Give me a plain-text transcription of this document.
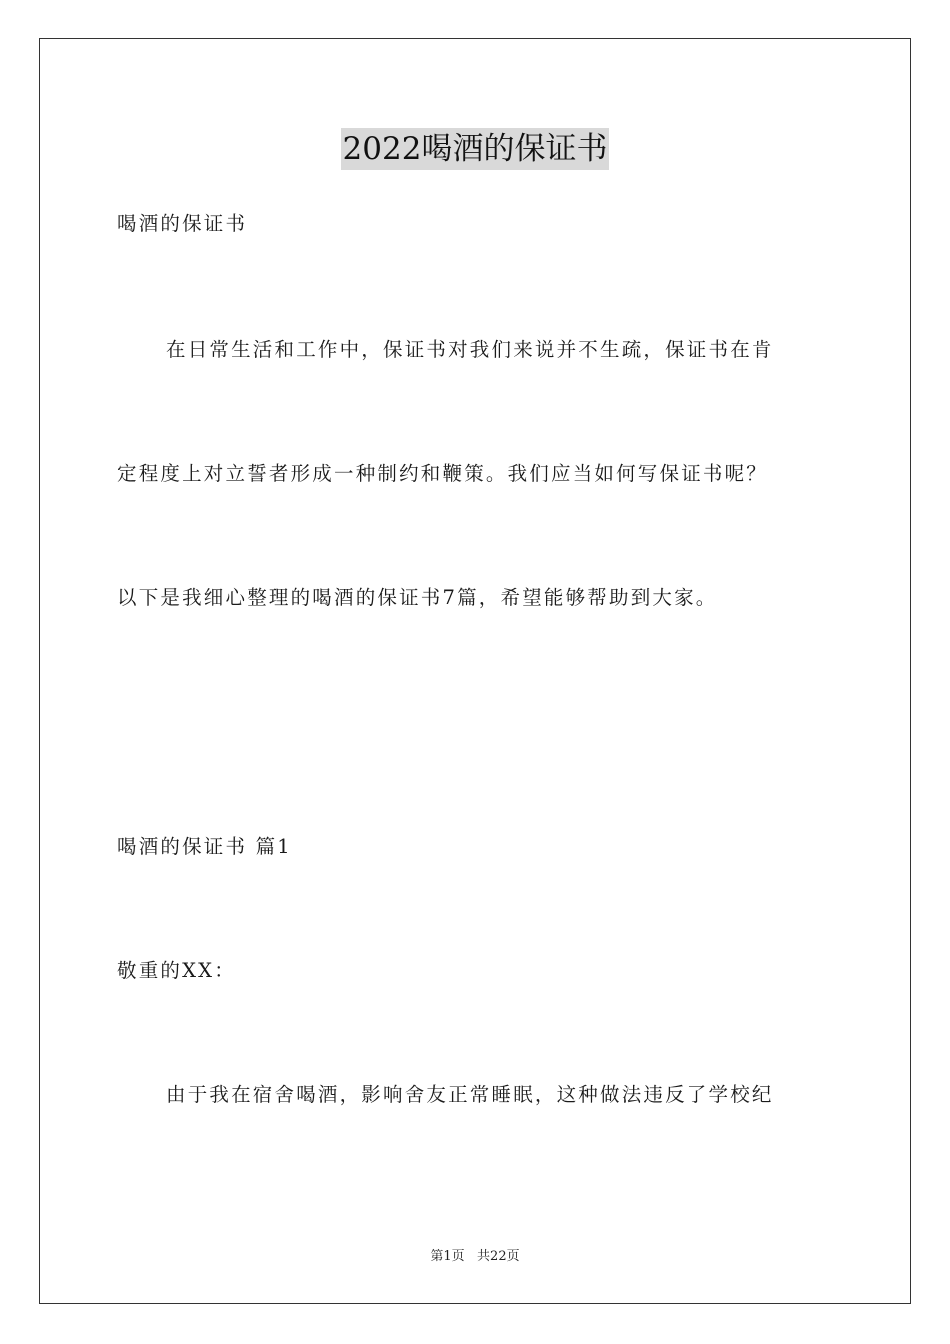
2022喝酒的保证书
喝酒的保证书
在日常生活和工作中，保证书对我们来说并不生疏，保证书在肯
定程度上对立誓者形成一种制约和鞭策。我们应当如何写保证书呢？
以下是我细心整理的喝酒的保证书7篇，希望能够帮助到大家。
喝酒的保证书 篇1
敬重的XX：
由于我在宿舍喝酒，影响舍友正常睡眠，这种做法违反了学校纪
第1页   共22页
